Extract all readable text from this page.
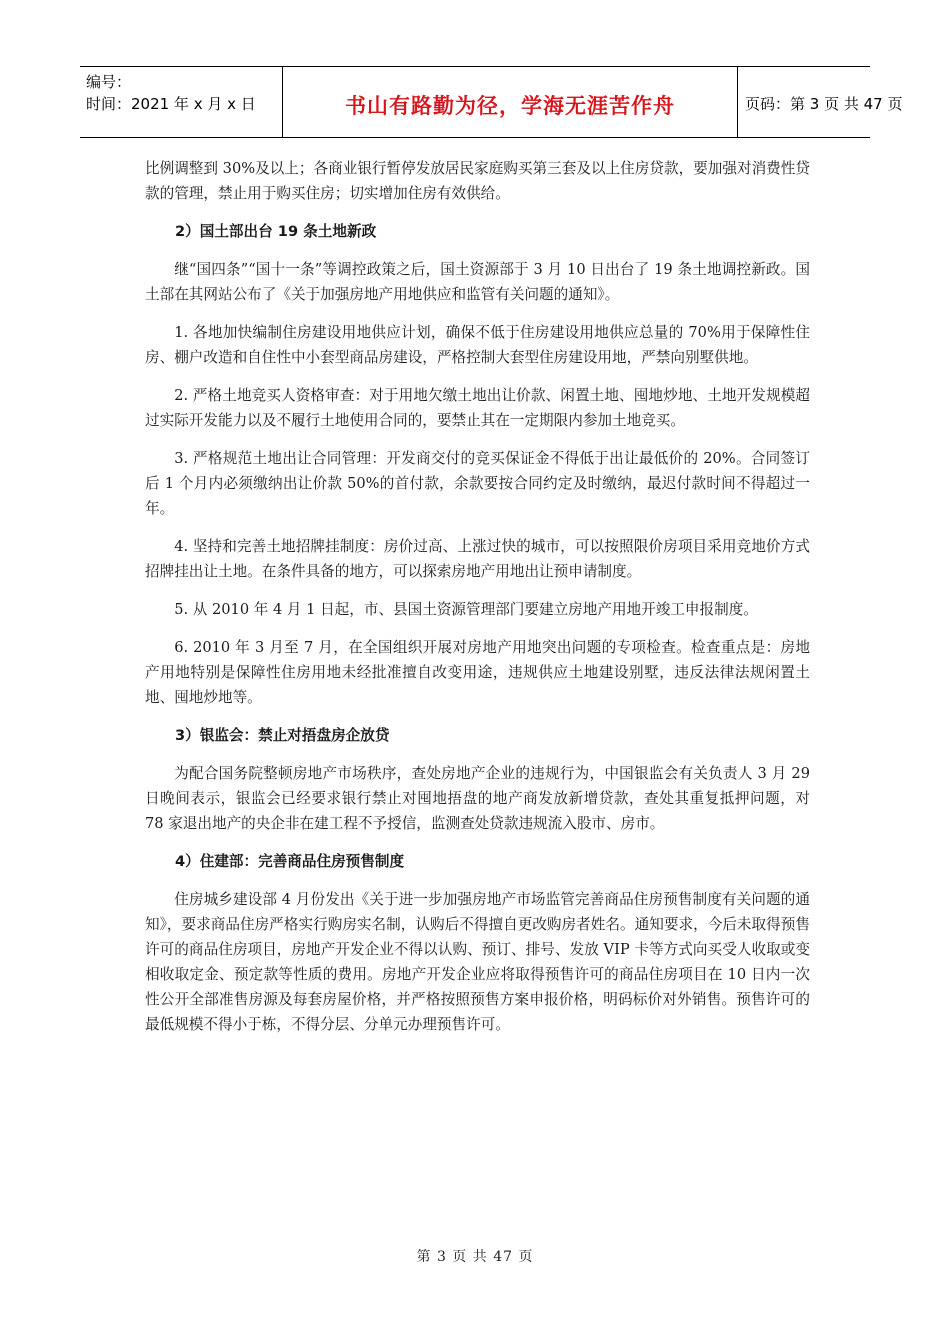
编号：
时间：2021 年 x 月 x 日	书山有路勤为径，学海无涯苦作舟	页码：第 3 页 共 47 页

比例调整到 30%及以上；各商业银行暂停发放居民家庭购买第三套及以上住房贷款，要加强对消费性贷款的管理，禁止用于购买住房；切实增加住房有效供给。

2）国土部出台 19 条土地新政

继“国四条”“国十一条”等调控政策之后，国土资源部于 3 月 10 日出台了 19 条土地调控新政。国土部在其网站公布了《关于加强房地产用地供应和监管有关问题的通知》。

1. 各地加快编制住房建设用地供应计划，确保不低于住房建设用地供应总量的 70%用于保障性住房、棚户改造和自住性中小套型商品房建设，严格控制大套型住房建设用地，严禁向别墅供地。

2. 严格土地竞买人资格审查：对于用地欠缴土地出让价款、闲置土地、囤地炒地、土地开发规模超过实际开发能力以及不履行土地使用合同的，要禁止其在一定期限内参加土地竞买。

3. 严格规范土地出让合同管理：开发商交付的竞买保证金不得低于出让最低价的 20%。合同签订后 1 个月内必须缴纳出让价款 50%的首付款，余款要按合同约定及时缴纳，最迟付款时间不得超过一年。

4. 坚持和完善土地招牌挂制度：房价过高、上涨过快的城市，可以按照限价房项目采用竞地价方式招牌挂出让土地。在条件具备的地方，可以探索房地产用地出让预申请制度。

5. 从 2010 年 4 月 1 日起，市、县国土资源管理部门要建立房地产用地开竣工申报制度。

6. 2010 年 3 月至 7 月，在全国组织开展对房地产用地突出问题的专项检查。检查重点是：房地产用地特别是保障性住房用地未经批准擅自改变用途，违规供应土地建设别墅，违反法律法规闲置土地、囤地炒地等。

3）银监会：禁止对捂盘房企放贷

为配合国务院整顿房地产市场秩序，查处房地产企业的违规行为，中国银监会有关负责人 3 月 29 日晚间表示，银监会已经要求银行禁止对囤地捂盘的地产商发放新增贷款，查处其重复抵押问题，对 78 家退出地产的央企非在建工程不予授信，监测查处贷款违规流入股市、房市。

4）住建部：完善商品住房预售制度

住房城乡建设部 4 月份发出《关于进一步加强房地产市场监管完善商品住房预售制度有关问题的通知》，要求商品住房严格实行购房实名制，认购后不得擅自更改购房者姓名。通知要求，今后未取得预售许可的商品住房项目，房地产开发企业不得以认购、预订、排号、发放 VIP 卡等方式向买受人收取或变相收取定金、预定款等性质的费用。房地产开发企业应将取得预售许可的商品住房项目在 10 日内一次性公开全部准售房源及每套房屋价格，并严格按照预售方案申报价格，明码标价对外销售。预售许可的最低规模不得小于栋，不得分层、分单元办理预售许可。

第 3 页 共 47 页
